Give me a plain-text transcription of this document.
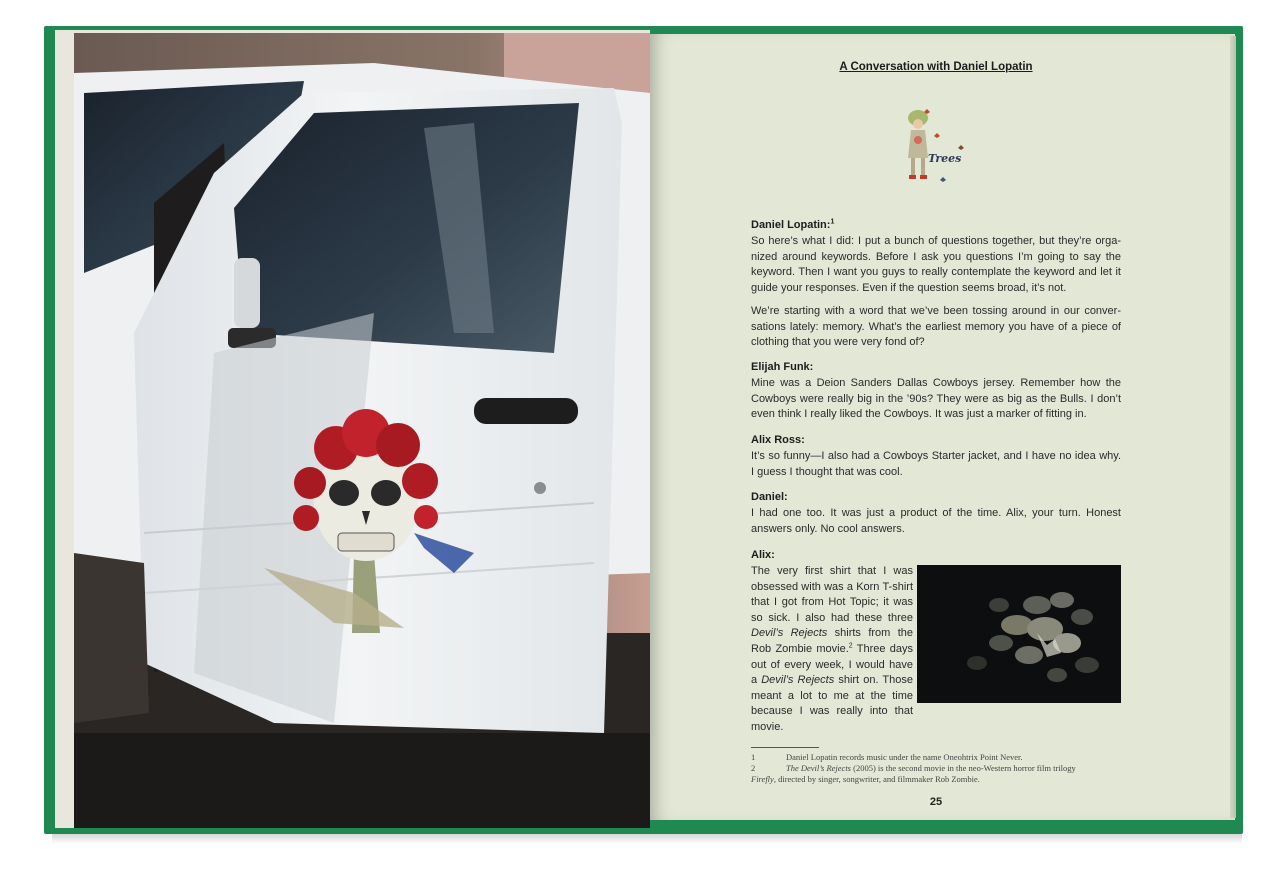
A Conversation with Daniel Lopatin
Trees
Daniel Lopatin:$^1$
So here’s what I did: I put a bunch of questions together, but they’re orga- nized around keywords. Before I ask you questions I’m going to say the keyword. Then I want you guys to really contemplate the keyword and let it guide your responses. Even if the question seems broad, it’s not.
We’re starting with a word that we’ve been tossing around in our conver- sations lately: memory. What’s the earliest memory you have of a piece of clothing that you were very fond of?
Elijah Funk:
Mine was a Deion Sanders Dallas Cowboys jersey. Remember how the Cowboys were really big in the ’90s? They were as big as the Bulls. I don’t even think I really liked the Cowboys. It was just a marker of fitting in.
Alix Ross:
It’s so funny—I also had a Cowboys Starter jacket, and I have no idea why. I guess I thought that was cool.
Daniel:
I had one too. It was just a product of the time. Alix, your turn. Honest answers only. No cool answers.
Alix:
The very first shirt that I was obsessed with was a Korn T-shirt that I got from Hot Topic; it was so sick. I also had these three Devil’s Rejects shirts from the Rob Zombie movie.$^2$ Three days out of every week, I would have a Devil’s Rejects shirt on. Those meant a lot to me at the time because I was really into that movie.
1	Daniel Lopatin records music under the name Oneohtrix Point Never.
2	The Devil’s Rejects (2005) is the second movie in the neo-Western horror film trilogy
Firefly, directed by singer, songwriter, and filmmaker Rob Zombie.
25
